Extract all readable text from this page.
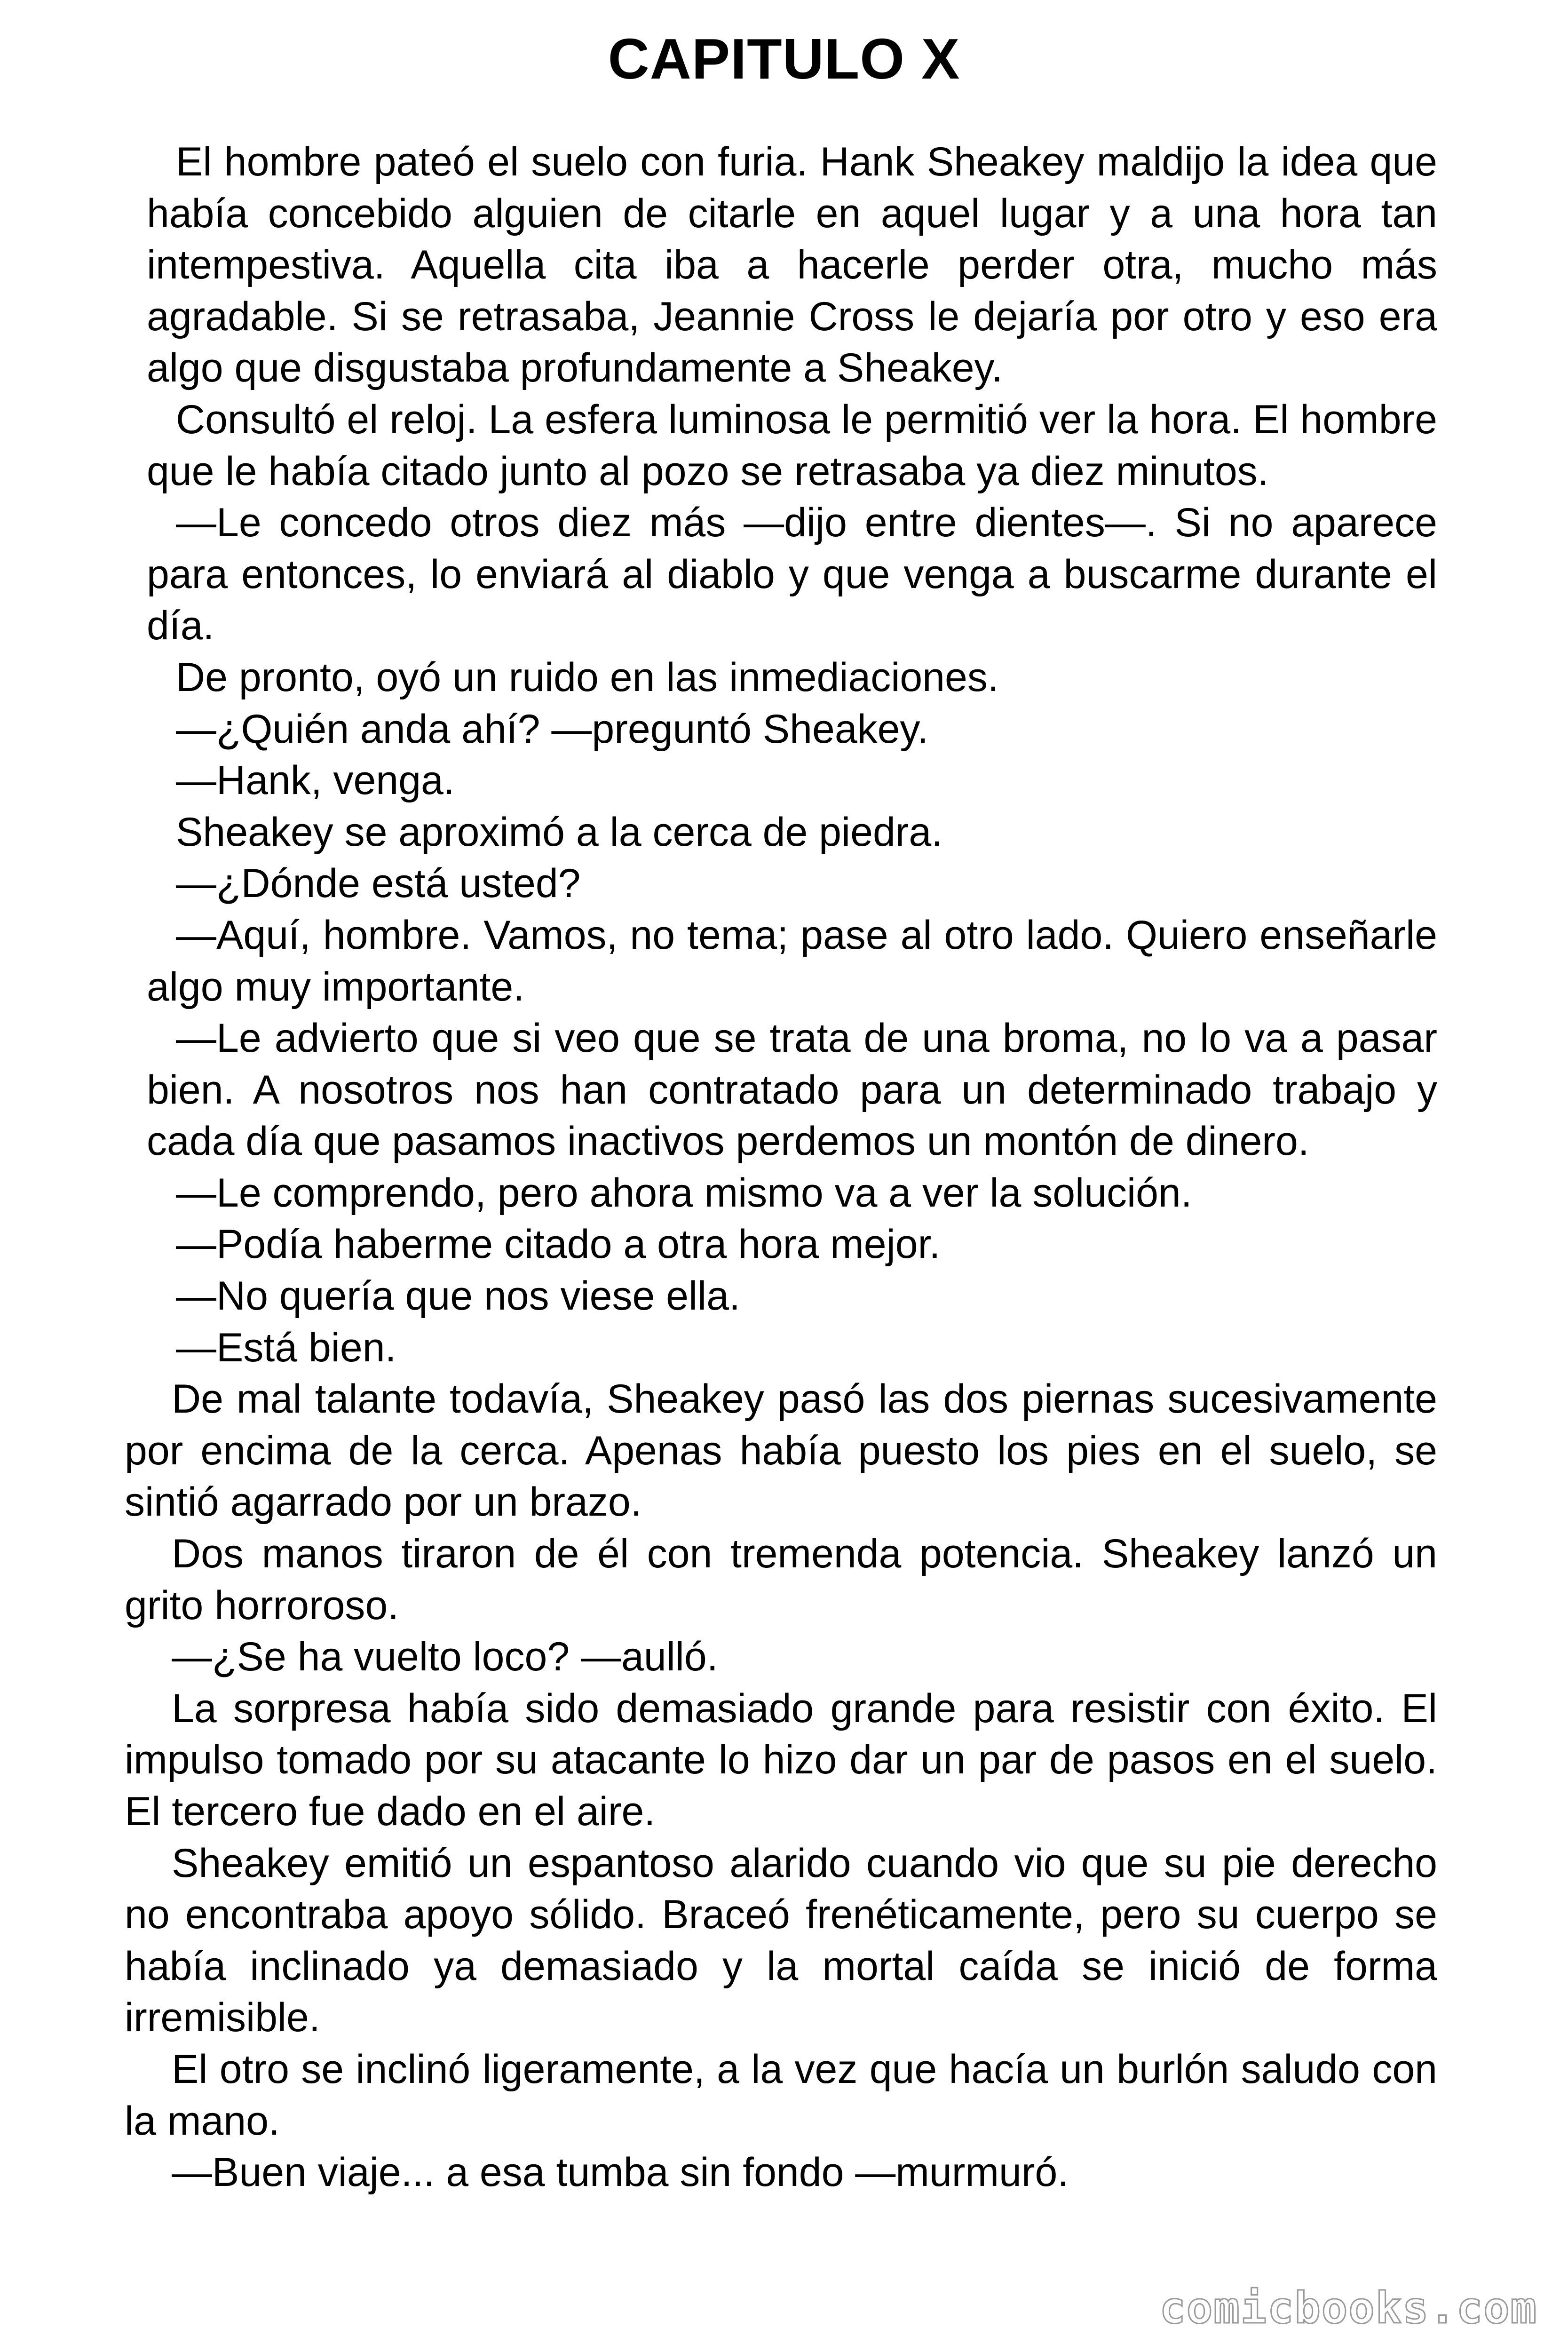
CAPITULO X

El hombre pateó el suelo con furia. Hank Sheakey maldijo la idea que había concebido alguien de citarle en aquel lugar y a una hora tan intempestiva. Aquella cita iba a hacerle perder otra, mucho más agradable. Si se retrasaba, Jeannie Cross le dejaría por otro y eso era algo que disgustaba profundamente a Sheakey.

Consultó el reloj. La esfera luminosa le permitió ver la hora. El hombre que le había citado junto al pozo se retrasaba ya diez minutos.

—Le concedo otros diez más —dijo entre dientes—. Si no aparece para entonces, lo enviará al diablo y que venga a buscarme durante el día.

De pronto, oyó un ruido en las inmediaciones.

—¿Quién anda ahí? —preguntó Sheakey.

—Hank, venga.

Sheakey se aproximó a la cerca de piedra.

—¿Dónde está usted?

—Aquí, hombre. Vamos, no tema; pase al otro lado. Quiero enseñarle algo muy importante.

—Le advierto que si veo que se trata de una broma, no lo va a pasar bien. A nosotros nos han contratado para un determinado trabajo y cada día que pasamos inactivos perdemos un montón de dinero.

—Le comprendo, pero ahora mismo va a ver la solución.

—Podía haberme citado a otra hora mejor.

—No quería que nos viese ella.

—Está bien.

De mal talante todavía, Sheakey pasó las dos piernas sucesivamente por encima de la cerca. Apenas había puesto los pies en el suelo, se sintió agarrado por un brazo.

Dos manos tiraron de él con tremenda potencia. Sheakey lanzó un grito horroroso.

—¿Se ha vuelto loco? —aulló.

La sorpresa había sido demasiado grande para resistir con éxito. El impulso tomado por su atacante lo hizo dar un par de pasos en el suelo. El tercero fue dado en el aire.

Sheakey emitió un espantoso alarido cuando vio que su pie derecho no encontraba apoyo sólido. Braceó frenéticamente, pero su cuerpo se había inclinado ya demasiado y la mortal caída se inició de forma irremisible.

El otro se inclinó ligeramente, a la vez que hacía un burlón saludo con la mano.

—Buen viaje... a esa tumba sin fondo —murmuró.

comicbooks.com
